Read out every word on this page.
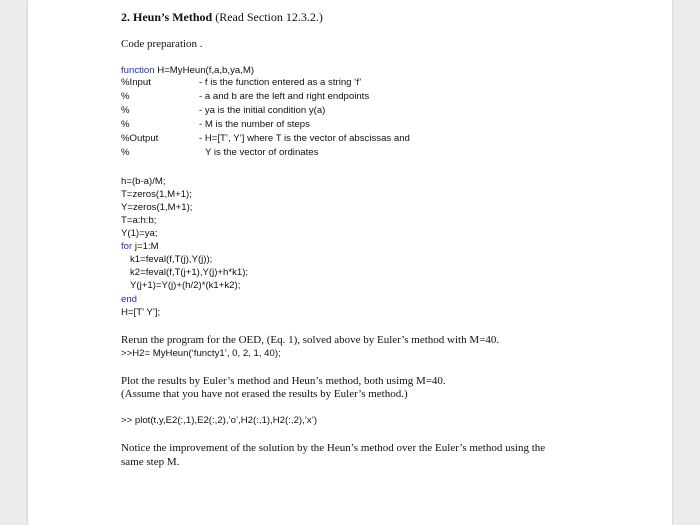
2. Heun’s Method (Read Section 12.3.2.)
Code preparation .
function H=MyHeun(f,a,b,ya,M)
%Input	- f is the function entered as a string ‘f’
%	- a and b are the left and right endpoints
%	- ya is the initial condition y(a)
%	- M is the number of steps
%Output	- H=[T’, Y’] where T is the vector of abscissas and
%	Y is the vector of ordinates
h=(b-a)/M;
T=zeros(1,M+1);
Y=zeros(1,M+1);
T=a:h:b;
Y(1)=ya;
for j=1:M
k1=feval(f,T(j),Y(j));
k2=feval(f,T(j+1),Y(j)+h*k1);
Y(j+1)=Y(j)+(h/2)*(k1+k2);
end
H=[T’ Y’];
Rerun the program for the OED, (Eq. 1), solved above by Euler’s method with M=40.
>>H2= MyHeun(‘functy1’, 0, 2, 1, 40);
Plot the results by Euler’s method and Heun’s method, both usimg M=40.
(Assume that you have not erased the results by Euler’s method.)
>> plot(t,y,E2(:,1),E2(:,2),’o’,H2(:,1),H2(:,2),’x’)
Notice the improvement of the solution by the Heun’s method over the Euler’s method using the
same step M.
